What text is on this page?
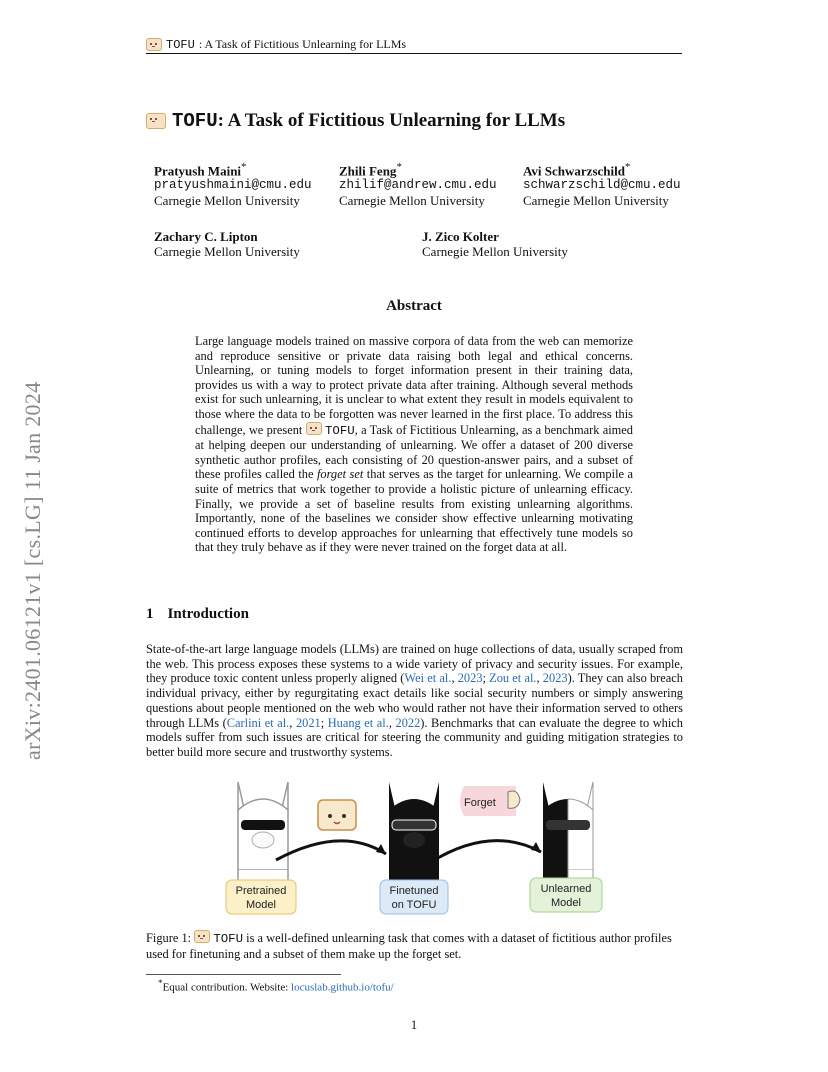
TOFU : A Task of Fictitious Unlearning for LLMs
arXiv:2401.06121v1 [cs.LG] 11 Jan 2024
TOFU: A Task of Fictitious Unlearning for LLMs
Pratyush Maini*
pratyushmaini@cmu.edu
Carnegie Mellon University
Zhili Feng*
zhilif@andrew.cmu.edu
Carnegie Mellon University
Avi Schwarzschild*
schwarzschild@cmu.edu
Carnegie Mellon University
Zachary C. Lipton
Carnegie Mellon University
J. Zico Kolter
Carnegie Mellon University
Abstract
Large language models trained on massive corpora of data from the web can memorize and reproduce sensitive or private data raising both legal and ethical concerns. Unlearning, or tuning models to forget information present in their training data, provides us with a way to protect private data after training. Although several methods exist for such unlearning, it is unclear to what extent they result in models equivalent to those where the data to be forgotten was never learned in the first place. To address this challenge, we present TOFU, a Task of Fictitious Unlearning, as a benchmark aimed at helping deepen our understanding of unlearning. We offer a dataset of 200 diverse synthetic author profiles, each consisting of 20 question-answer pairs, and a subset of these profiles called the forget set that serves as the target for unlearning. We compile a suite of metrics that work together to provide a holistic picture of unlearning efficacy. Finally, we provide a set of baseline results from existing unlearning algorithms. Importantly, none of the baselines we consider show effective unlearning motivating continued efforts to develop approaches for unlearning that effectively tune models so that they truly behave as if they were never trained on the forget data at all.
1 Introduction
State-of-the-art large language models (LLMs) are trained on huge collections of data, usually scraped from the web. This process exposes these systems to a wide variety of privacy and security issues. For example, they produce toxic content unless properly aligned (Wei et al., 2023; Zou et al., 2023). They can also breach individual privacy, either by regurgitating exact details like social security numbers or simply answering questions about people mentioned on the web who would rather not have their information served to others through LLMs (Carlini et al., 2021; Huang et al., 2022). Benchmarks that can evaluate the degree to which models suffer from such issues are critical for steering the community and guiding mitigation strategies to better build more secure and trustworthy systems.
Forget
Pretrained
Model
Finetuned
on TOFU
Unlearned
Model
Figure 1: TOFU is a well-defined unlearning task that comes with a dataset of fictitious author profiles used for finetuning and a subset of them make up the forget set.
*Equal contribution. Website: locuslab.github.io/tofu/
1
